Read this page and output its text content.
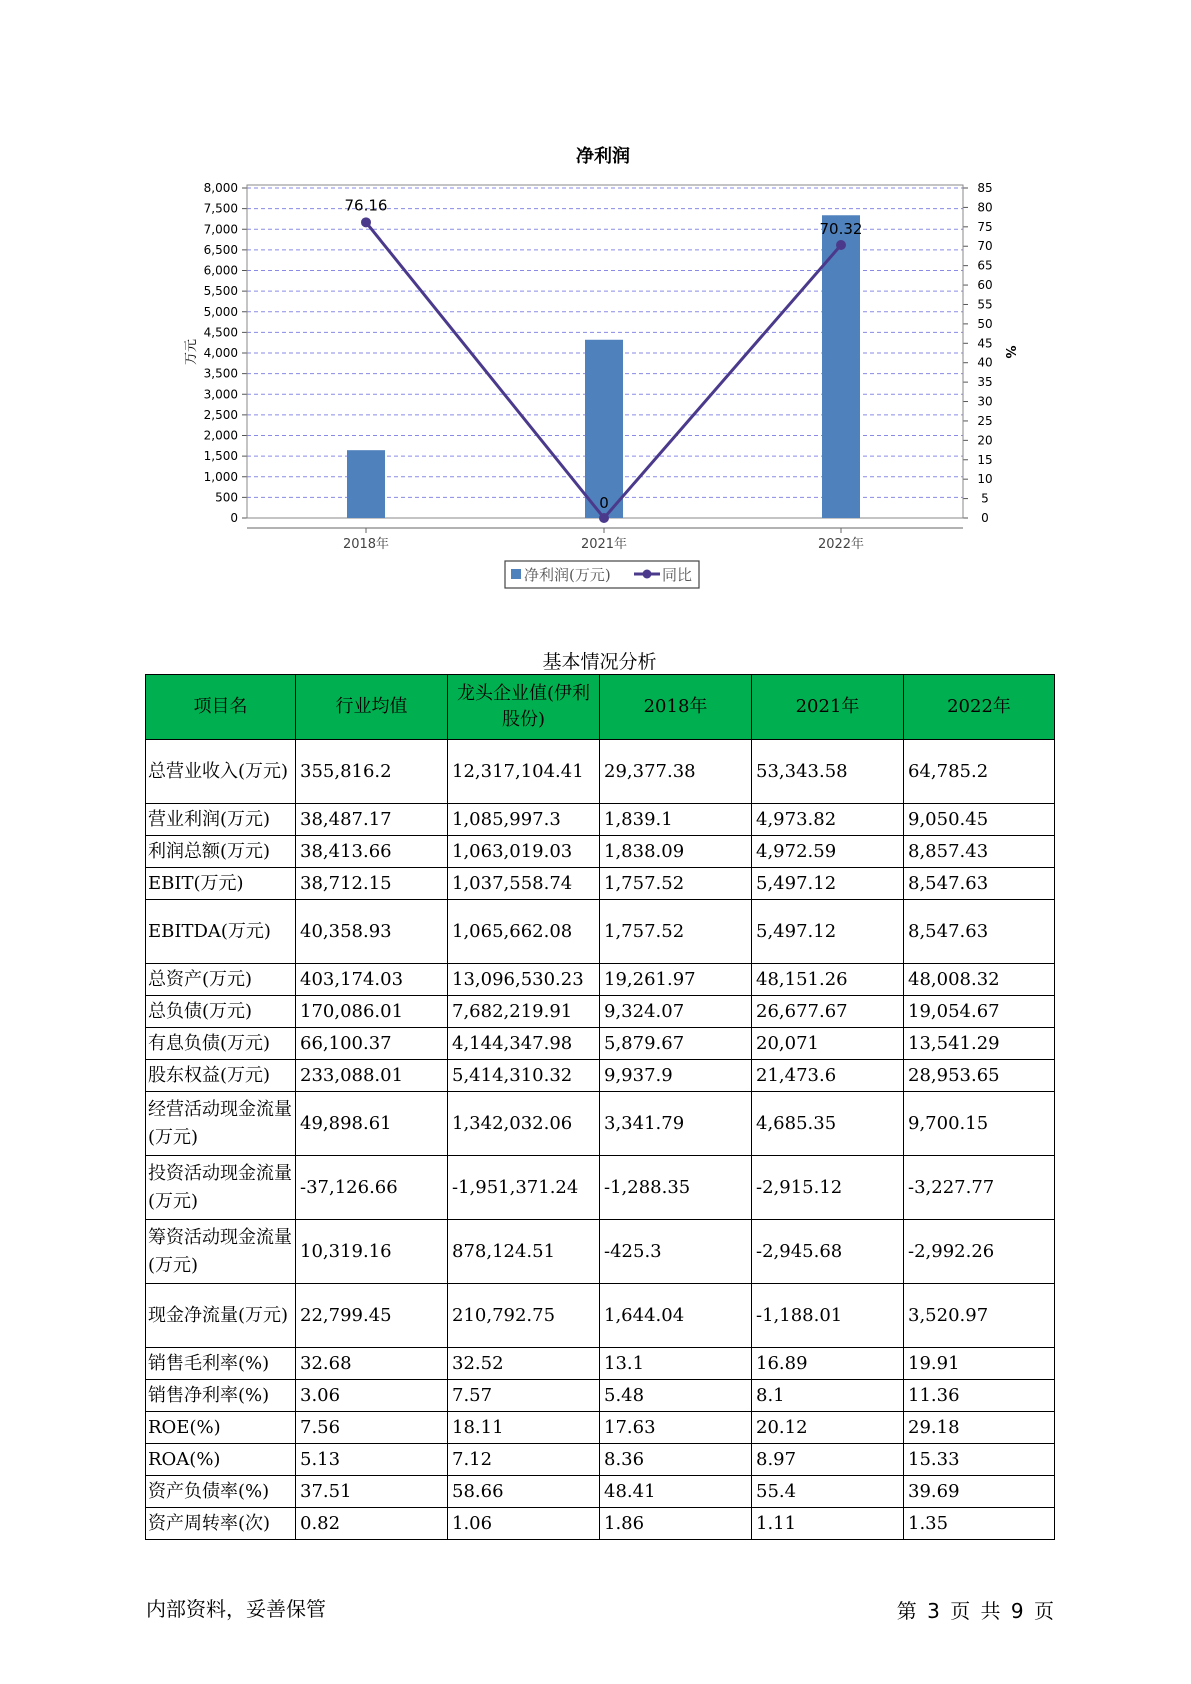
净利润
8,000
7,500
7,000
6,500
6,000
5,500
5,000
4,500
4,000
3,500
3,000
2,500
2,000
1,500
1,000
500
0
85
80
75
70
65
60
55
50
45
40
35
30
25
20
15
10
5
0
万元	%
2018年	2021年	2022年
76.16
0
70.32
净利润(万元)	同比
基本情况分析
项目名	行业均值	龙头企业值(伊利股份)	2018年	2021年	2022年
总营业收入(万元)	355,816.2	12,317,104.41	29,377.38	53,343.58	64,785.2
营业利润(万元)	38,487.17	1,085,997.3	1,839.1	4,973.82	9,050.45
利润总额(万元)	38,413.66	1,063,019.03	1,838.09	4,972.59	8,857.43
EBIT(万元)	38,712.15	1,037,558.74	1,757.52	5,497.12	8,547.63
EBITDA(万元)	40,358.93	1,065,662.08	1,757.52	5,497.12	8,547.63
总资产(万元)	403,174.03	13,096,530.23	19,261.97	48,151.26	48,008.32
总负债(万元)	170,086.01	7,682,219.91	9,324.07	26,677.67	19,054.67
有息负债(万元)	66,100.37	4,144,347.98	5,879.67	20,071	13,541.29
股东权益(万元)	233,088.01	5,414,310.32	9,937.9	21,473.6	28,953.65
经营活动现金流量(万元)	49,898.61	1,342,032.06	3,341.79	4,685.35	9,700.15
投资活动现金流量(万元)	-37,126.66	-1,951,371.24	-1,288.35	-2,915.12	-3,227.77
筹资活动现金流量(万元)	10,319.16	878,124.51	-425.3	-2,945.68	-2,992.26
现金净流量(万元)	22,799.45	210,792.75	1,644.04	-1,188.01	3,520.97
销售毛利率(%)	32.68	32.52	13.1	16.89	19.91
销售净利率(%)	3.06	7.57	5.48	8.1	11.36
ROE(%)	7.56	18.11	17.63	20.12	29.18
ROA(%)	5.13	7.12	8.36	8.97	15.33
资产负债率(%)	37.51	58.66	48.41	55.4	39.69
资产周转率(次)	0.82	1.06	1.86	1.11	1.35
内部资料，妥善保管	第 3 页 共 9 页
